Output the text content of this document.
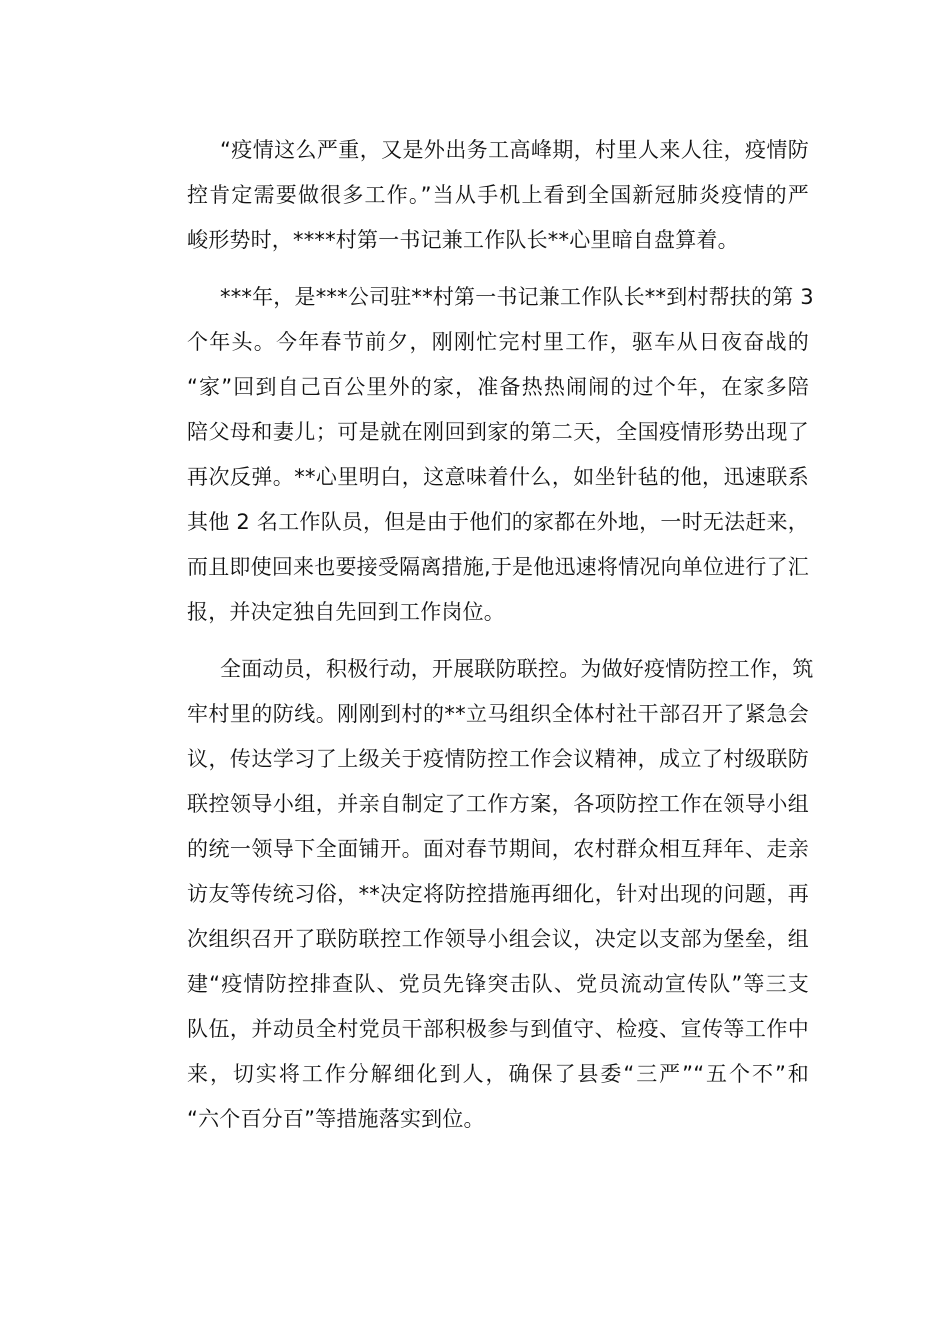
“疫情这么严重，又是外出务工高峰期，村里人来人往，疫情防
控肯定需要做很多工作。”当从手机上看到全国新冠肺炎疫情的严
峻形势时，****村第一书记兼工作队长**心里暗自盘算着。
***年，是***公司驻**村第一书记兼工作队长**到村帮扶的第 3
个年头。今年春节前夕，刚刚忙完村里工作，驱车从日夜奋战的
“家”回到自己百公里外的家，准备热热闹闹的过个年，在家多陪
陪父母和妻儿；可是就在刚回到家的第二天，全国疫情形势出现了
再次反弹。**心里明白，这意味着什么，如坐针毡的他，迅速联系
其他 2 名工作队员，但是由于他们的家都在外地，一时无法赶来，
而且即使回来也要接受隔离措施,于是他迅速将情况向单位进行了汇
报，并决定独自先回到工作岗位。
全面动员，积极行动，开展联防联控。为做好疫情防控工作，筑
牢村里的防线。刚刚到村的**立马组织全体村社干部召开了紧急会
议，传达学习了上级关于疫情防控工作会议精神，成立了村级联防
联控领导小组，并亲自制定了工作方案，各项防控工作在领导小组
的统一领导下全面铺开。面对春节期间，农村群众相互拜年、走亲
访友等传统习俗，**决定将防控措施再细化，针对出现的问题，再
次组织召开了联防联控工作领导小组会议，决定以支部为堡垒，组
建“疫情防控排查队、党员先锋突击队、党员流动宣传队”等三支
队伍，并动员全村党员干部积极参与到值守、检疫、宣传等工作中
来，切实将工作分解细化到人，确保了县委“三严”“五个不”和
“六个百分百”等措施落实到位。
